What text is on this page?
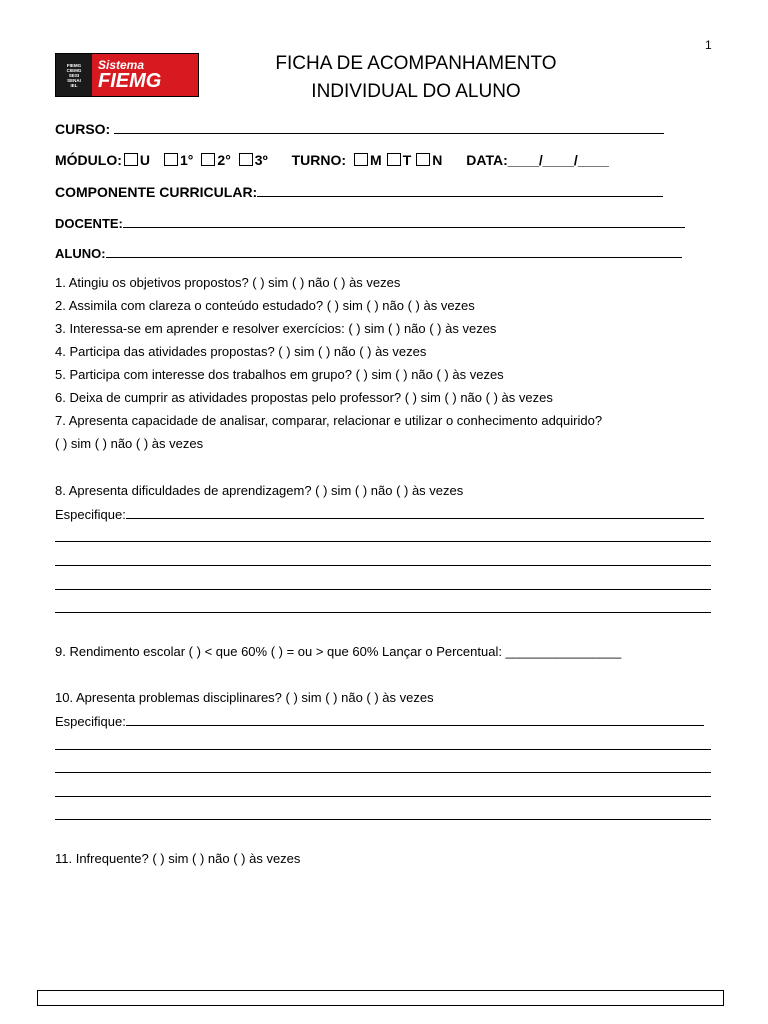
1
FIEMG
CIEMG
SESI
SENAI
IEL
Sistema
FIEMG
FICHA DE ACOMPANHAMENTO
INDIVIDUAL DO ALUNO
CURSO:
MÓDULO: U 1° 2° 3º TURNO: M T N DATA:____/____/____
COMPONENTE CURRICULAR:
DOCENTE:
ALUNO:
1. Atingiu os objetivos propostos? ( ) sim ( ) não ( ) às vezes
2. Assimila com clareza o conteúdo estudado? ( ) sim ( ) não ( ) às vezes
3. Interessa-se em aprender e resolver exercícios: ( ) sim ( ) não ( ) às vezes
4. Participa das atividades propostas? ( ) sim ( ) não ( ) às vezes
5. Participa com interesse dos trabalhos em grupo? ( ) sim ( ) não ( ) às vezes
6. Deixa de cumprir as atividades propostas pelo professor? ( ) sim ( ) não ( ) às vezes
7. Apresenta capacidade de analisar, comparar, relacionar e utilizar o conhecimento adquirido?
( ) sim ( ) não ( ) às vezes
8. Apresenta dificuldades de aprendizagem? ( ) sim ( ) não ( ) às vezes
Especifique:
9. Rendimento escolar ( ) < que 60% ( ) = ou > que 60% Lançar o Percentual: ________________
10. Apresenta problemas disciplinares? ( ) sim ( ) não ( ) às vezes
Especifique:
11. Infrequente? ( ) sim ( ) não ( ) às vezes
